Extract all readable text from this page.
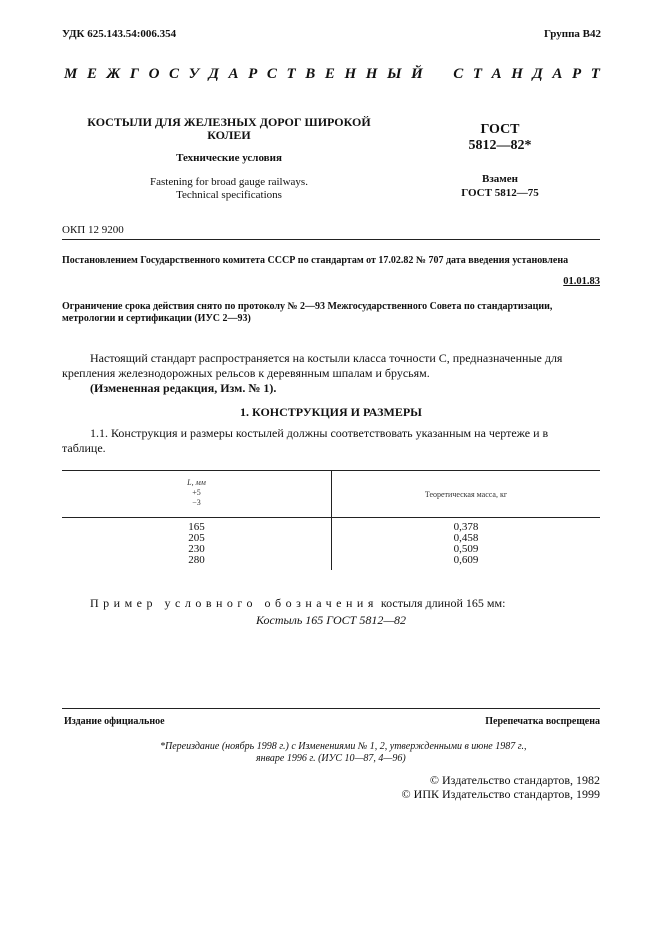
УДК 625.143.54:006.354	Группа В42
М Е Ж Г О С У Д А Р С Т В Е Н Н Ы Й
С Т А Н Д А Р Т
КОСТЫЛИ ДЛЯ ЖЕЛЕЗНЫХ ДОРОГ ШИРОКОЙ
КОЛЕИ
Технические условия
Fastening for broad gauge railways.
Technical specifications
ГОСТ
5812—82*
Взамен
ГОСТ 5812—75
ОКП 12 9200
Постановлением Государственного комитета СССР по стандартам от 17.02.82 № 707 дата введения установлена
01.01.83
Ограничение срока действия снято по протоколу № 2—93 Межгосударственного Совета по стандартизации,
метрологии и сертификации (ИУС 2—93)
Настоящий стандарт распространяется на костыли класса точности С, предназначенные для
крепления железнодорожных рельсов к деревянным шпалам и брусьям.
(Измененная редакция, Изм. № 1).
1. КОНСТРУКЦИЯ И РАЗМЕРЫ
1.1. Конструкция и размеры костылей должны соответствовать указанным на чертеже и в
таблице.
L, мм
+5
−3
Теоретическая масса, кг
165
205
230
280
0,378
0,458
0,509
0,609
Пример условного обозначения костыля длиной 165 мм:
Костыль 165 ГОСТ 5812—82
Издание официальное	Перепечатка воспрещена
*Переиздание (ноябрь 1998 г.) с Изменениями № 1, 2, утвержденными в июне 1987 г.,
январе 1996 г. (ИУС 10—87, 4—96)
© Издательство стандартов, 1982
© ИПК Издательство стандартов, 1999
